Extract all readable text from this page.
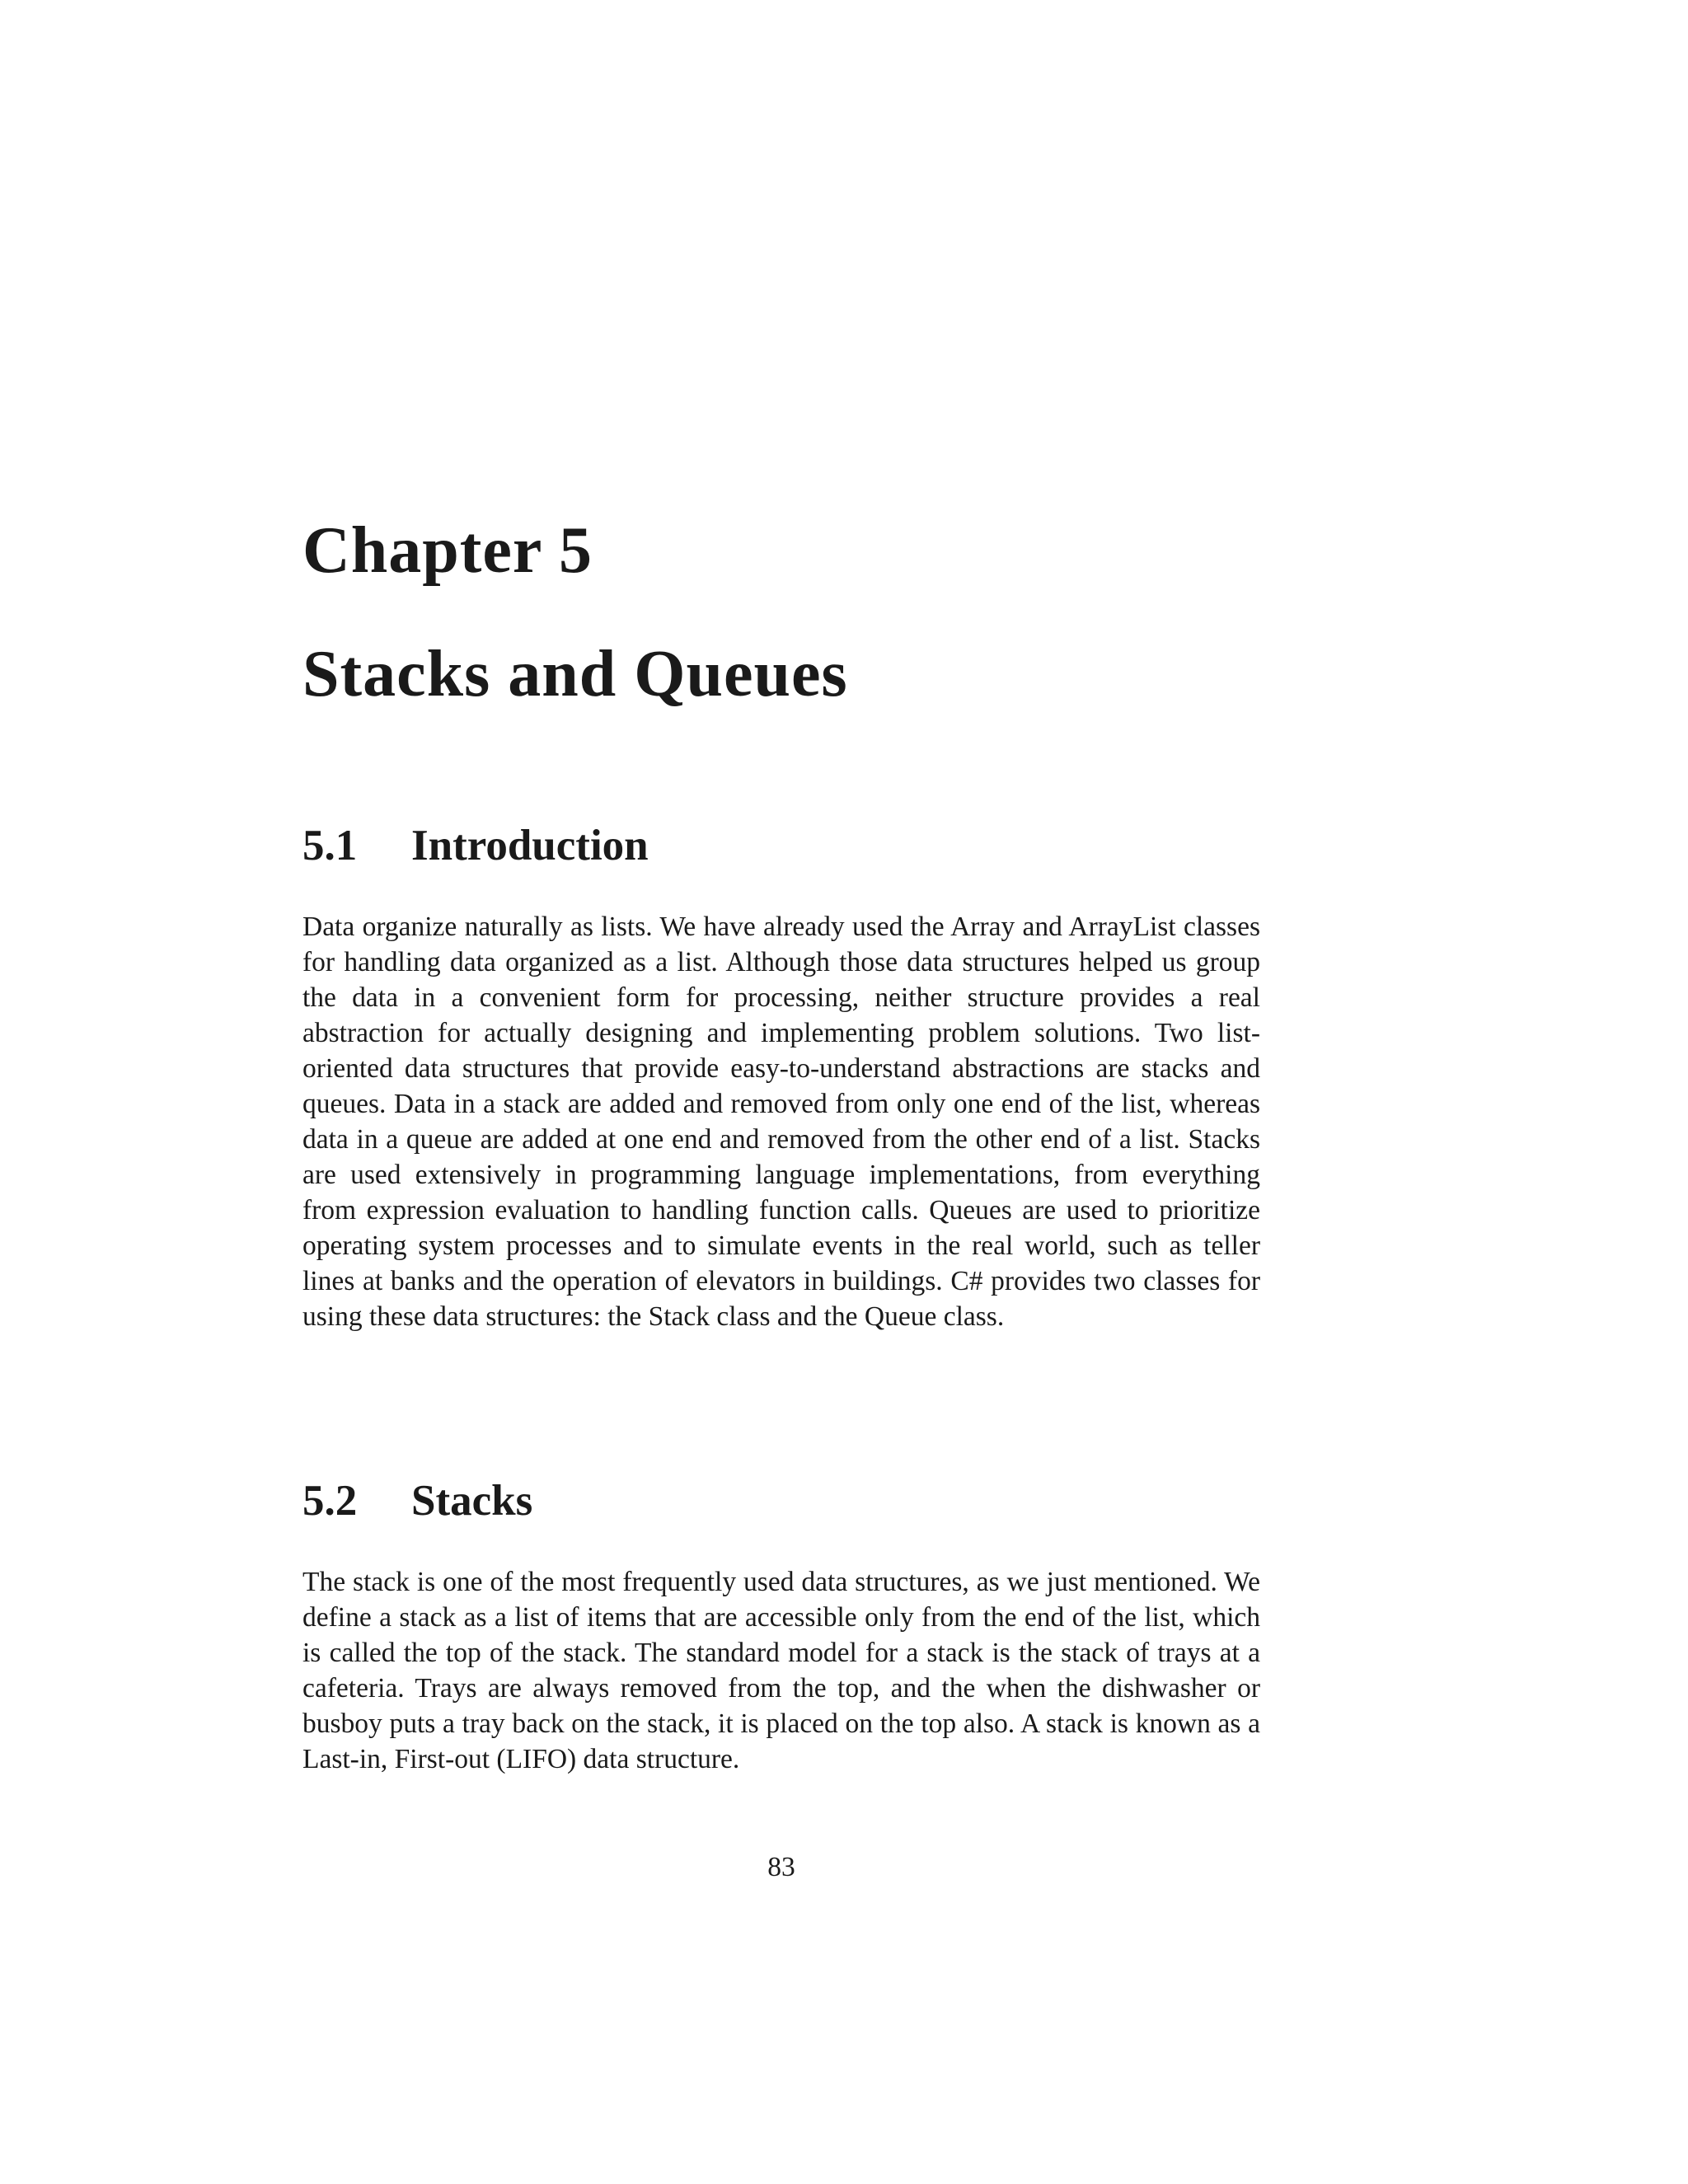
Chapter 5
Stacks and Queues
5.1 Introduction

Data organize naturally as lists. We have already used the Array and ArrayList classes for handling data organized as a list. Although those data structures helped us group the data in a convenient form for processing, neither structure provides a real abstraction for actually designing and implementing problem solutions. Two list-oriented data structures that provide easy-to-understand abstractions are stacks and queues. Data in a stack are added and removed from only one end of the list, whereas data in a queue are added at one end and removed from the other end of a list. Stacks are used extensively in programming language implementations, from everything from expression evaluation to handling function calls. Queues are used to prioritize operating system processes and to simulate events in the real world, such as teller lines at banks and the operation of elevators in buildings. C# provides two classes for using these data structures: the Stack class and the Queue class.

5.2 Stacks

The stack is one of the most frequently used data structures, as we just mentioned. We define a stack as a list of items that are accessible only from the end of the list, which is called the top of the stack. The standard model for a stack is the stack of trays at a cafeteria. Trays are always removed from the top, and the when the dishwasher or busboy puts a tray back on the stack, it is placed on the top also. A stack is known as a Last-in, First-out (LIFO) data structure.

83
